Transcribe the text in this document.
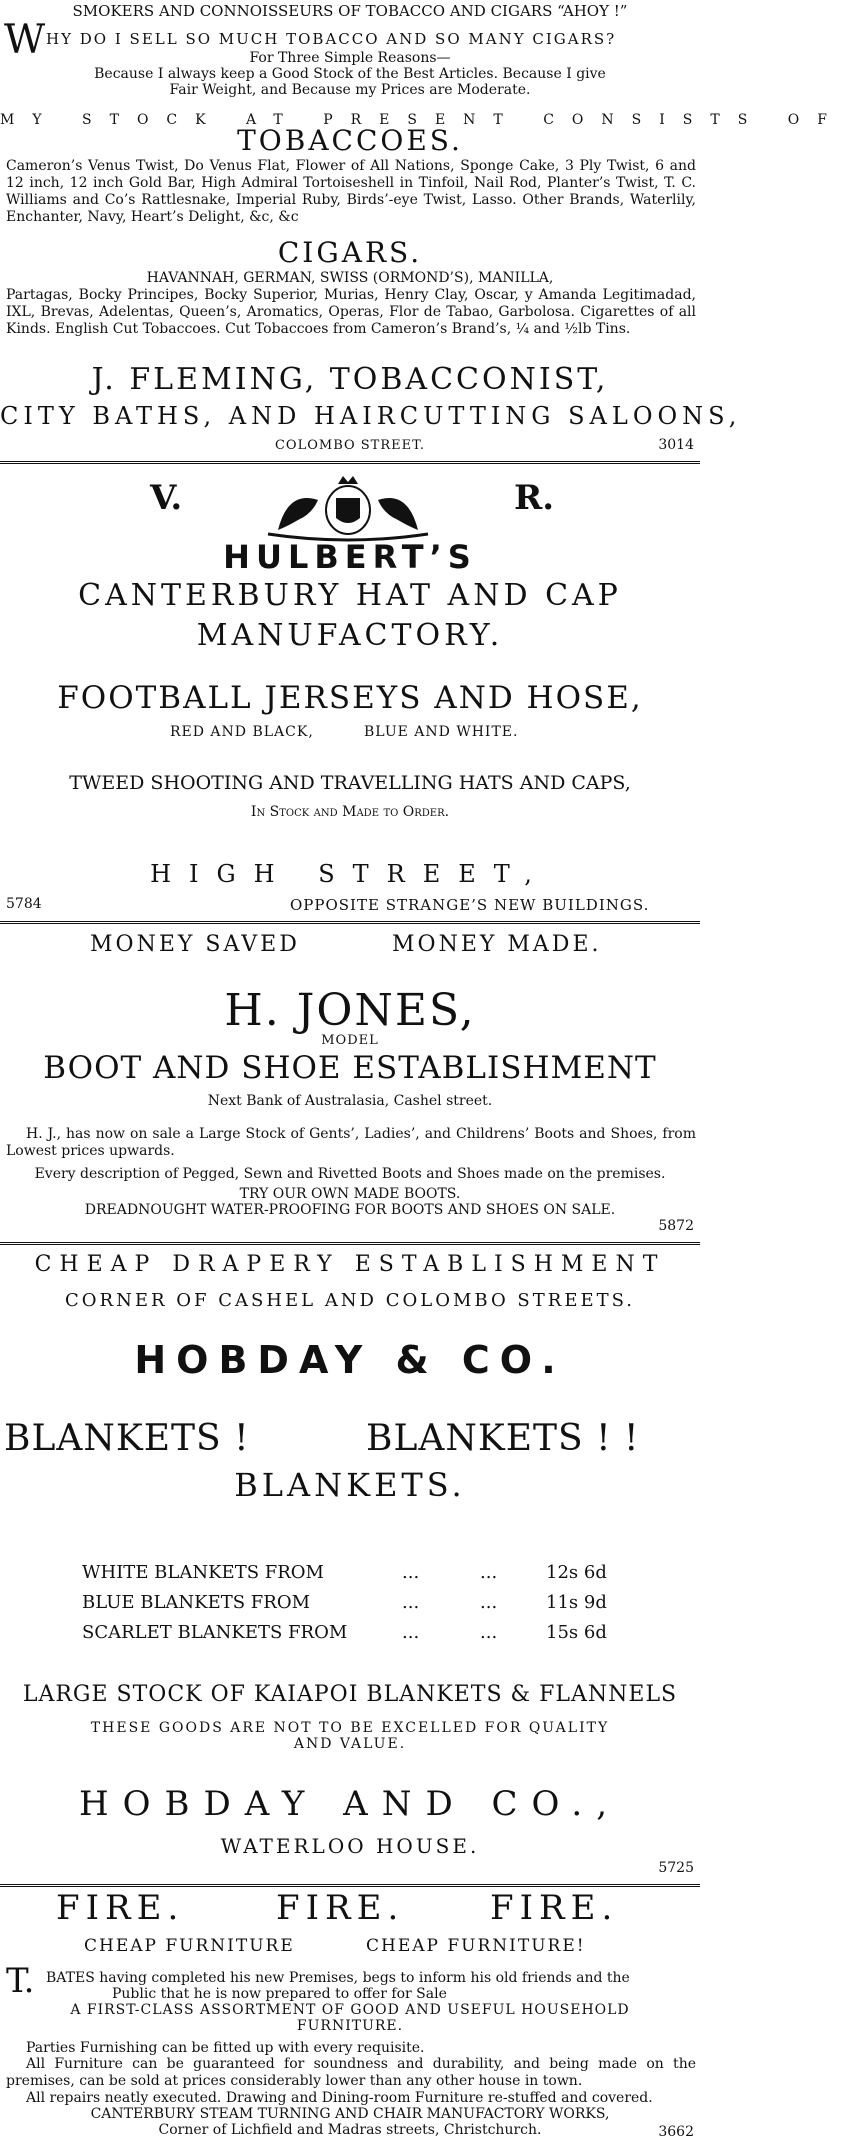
SMOKERS AND CONNOISSEURS OF TOBACCO AND CIGARS “AHOY !”
W HY DO I SELL SO MUCH TOBACCO AND SO MANY CIGARS?
For Three Simple Reasons—
Because I always keep a Good Stock of the Best Articles. Because I give
Fair Weight, and Because my Prices are Moderate.
MY STOCK AT PRESENT CONSISTS OF
TOBACCOES.
Cameron’s Venus Twist, Do Venus Flat, Flower of All Nations, Sponge Cake, 3 Ply Twist, 6 and 12 inch, 12 inch Gold Bar, High Admiral Tortoiseshell in Tinfoil, Nail Rod, Planter’s Twist, T. C. Williams and Co’s Rattlesnake, Imperial Ruby, Birds’-eye Twist, Lasso. Other Brands, Waterlily, Enchanter, Navy, Heart’s Delight, &c, &c
CIGARS.
HAVANNAH, GERMAN, SWISS (ORMOND’S), MANILLA,
Partagas, Bocky Principes, Bocky Superior, Murias, Henry Clay, Oscar, y Amanda Legitimadad, IXL, Brevas, Adelentas, Queen’s, Aromatics, Operas, Flor de Tabao, Garbolosa. Cigarettes of all Kinds. English Cut Tobaccoes. Cut Tobaccoes from Cameron’s Brand’s, ¼ and ½lb Tins.
J. FLEMING, TOBACCONIST,
CITY BATHS, AND HAIRCUTTING SALOONS,
COLOMBO STREET.	3014
V.	R.
HULBERT’S
CANTERBURY HAT AND CAP
MANUFACTORY.
FOOTBALL JERSEYS AND HOSE,
RED AND BLACK,	BLUE AND WHITE.
TWEED SHOOTING AND TRAVELLING HATS AND CAPS,
In Stock and Made to Order.
HIGH STREET,
5784	OPPOSITE STRANGE’S NEW BUILDINGS.
MONEY SAVED	MONEY MADE.
H. JONES,
MODEL
BOOT AND SHOE ESTABLISHMENT
Next Bank of Australasia, Cashel street.
H. J., has now on sale a Large Stock of Gents’, Ladies’, and Childrens’ Boots and Shoes, from Lowest prices upwards.
Every description of Pegged, Sewn and Rivetted Boots and Shoes made on the premises.
TRY OUR OWN MADE BOOTS.
DREADNOUGHT WATER-PROOFING FOR BOOTS AND SHOES ON SALE.
5872
CHEAP DRAPERY ESTABLISHMENT
CORNER OF CASHEL AND COLOMBO STREETS.
HOBDAY & CO.
BLANKETS !	BLANKETS ! !
BLANKETS.
WHITE BLANKETS FROM	...	...	12s 6d
BLUE BLANKETS FROM	...	...	11s 9d
SCARLET BLANKETS FROM	...	...	15s 6d
LARGE STOCK OF KAIAPOI BLANKETS & FLANNELS
THESE GOODS ARE NOT TO BE EXCELLED FOR QUALITY
AND VALUE.
HOBDAY AND CO.,
WATERLOO HOUSE.
5725
FIRE.	FIRE.	FIRE.
CHEAP FURNITURE	CHEAP FURNITURE!
T. BATES having completed his new Premises, begs to inform his old friends and the
Public that he is now prepared to offer for Sale
A FIRST-CLASS ASSORTMENT OF GOOD AND USEFUL HOUSEHOLD
FURNITURE.
Parties Furnishing can be fitted up with every requisite.
All Furniture can be guaranteed for soundness and durability, and being made on the premises, can be sold at prices considerably lower than any other house in town.
All repairs neatly executed. Drawing and Dining-room Furniture re-stuffed and covered.
CANTERBURY STEAM TURNING AND CHAIR MANUFACTORY WORKS,
Corner of Lichfield and Madras streets, Christchurch.	3662
